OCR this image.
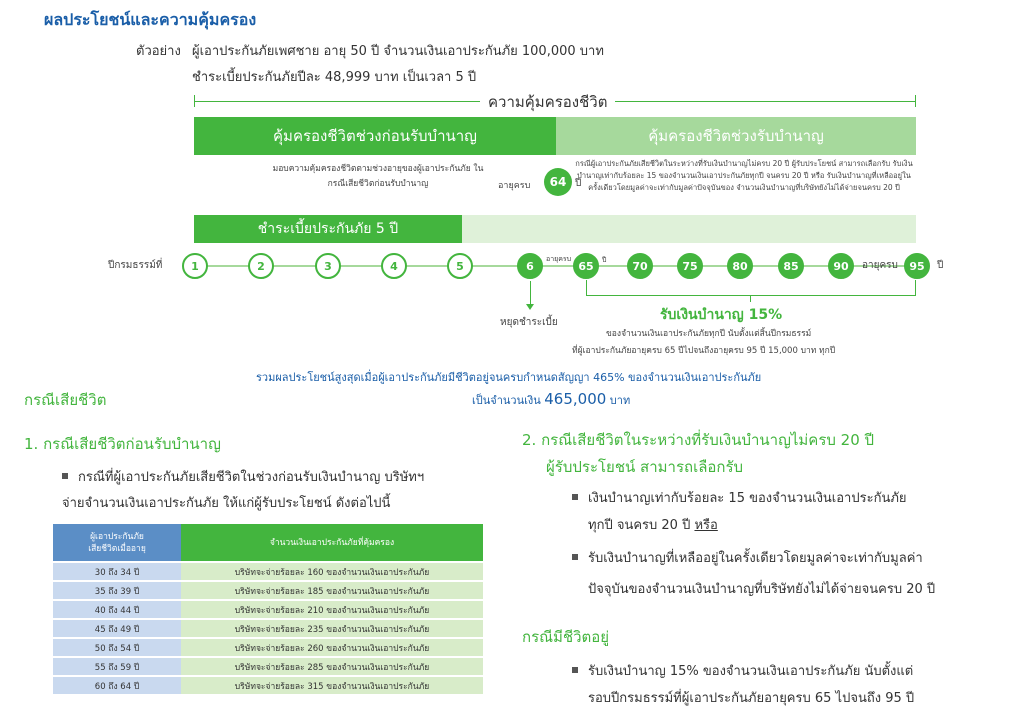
ผลประโยชน์และความคุ้มครอง
ตัวอย่าง ผู้เอาประกันภัยเพศชาย อายุ 50 ปี จำนวนเงินเอาประกันภัย 100,000 บาท
ชำระเบี้ยประกันภัยปีละ 48,999 บาท เป็นเวลา 5 ปี
ความคุ้มครองชีวิต
คุ้มครองชีวิตช่วงก่อนรับบำนาญ	คุ้มครองชีวิตช่วงรับบำนาญ
มอบความคุ้มครองชีวิตตามช่วงอายุของผู้เอาประกันภัย ในกรณีเสียชีวิตก่อนรับบำนาญ	อายุครบ	64 ปี
กรณีผู้เอาประกันภัยเสียชีวิตในระหว่างที่รับเงินบำนาญไม่ครบ 20 ปี ผู้รับประโยชน์ สามารถเลือกรับ รับเงินบำนาญเท่ากับร้อยละ 15 ของจำนวนเงินเอาประกันภัยทุกปี จนครบ 20 ปี หรือ รับเงินบำนาญที่เหลืออยู่ในครั้งเดียวโดยมูลค่าจะเท่ากับมูลค่าปัจจุบันของ จำนวนเงินบำนาญที่บริษัทยังไม่ได้จ่ายจนครบ 20 ปี
ชำระเบี้ยประกันภัย 5 ปี
ปีกรมธรรม์ที่	1	2	3	4	5	6
อายุครบ
65	ปี	70	75	80	85	90	อายุครบ	95	ปี
หยุดชำระเบี้ย	รับเงินบำนาญ 15%
ของจำนวนเงินเอาประกันภัยทุกปี นับตั้งแต่สิ้นปีกรมธรรม์
ที่ผู้เอาประกันภัยอายุครบ 65 ปีไปจนถึงอายุครบ 95 ปี 15,000 บาท ทุกปี
รวมผลประโยชน์สูงสุดเมื่อผู้เอาประกันภัยมีชีวิตอยู่จนครบกำหนดสัญญา 465% ของจำนวนเงินเอาประกันภัย
เป็นจำนวนเงิน 465,000 บาท
กรณีเสียชีวิต
1. กรณีเสียชีวิตก่อนรับบำนาญ
กรณีที่ผู้เอาประกันภัยเสียชีวิตในช่วงก่อนรับเงินบำนาญ บริษัทฯ
จ่ายจำนวนเงินเอาประกันภัย ให้แก่ผู้รับประโยชน์ ดังต่อไปนี้
ผู้เอาประกันภัย
เสียชีวิตเมื่ออายุ	จำนวนเงินเอาประกันภัยที่คุ้มครอง
30 ถึง 34 ปี	บริษัทจะจ่ายร้อยละ 160 ของจำนวนเงินเอาประกันภัย
35 ถึง 39 ปี	บริษัทจะจ่ายร้อยละ 185 ของจำนวนเงินเอาประกันภัย
40 ถึง 44 ปี	บริษัทจะจ่ายร้อยละ 210 ของจำนวนเงินเอาประกันภัย
45 ถึง 49 ปี	บริษัทจะจ่ายร้อยละ 235 ของจำนวนเงินเอาประกันภัย
50 ถึง 54 ปี	บริษัทจะจ่ายร้อยละ 260 ของจำนวนเงินเอาประกันภัย
55 ถึง 59 ปี	บริษัทจะจ่ายร้อยละ 285 ของจำนวนเงินเอาประกันภัย
60 ถึง 64 ปี	บริษัทจะจ่ายร้อยละ 315 ของจำนวนเงินเอาประกันภัย
2. กรณีเสียชีวิตในระหว่างที่รับเงินบำนาญไม่ครบ 20 ปี
ผู้รับประโยชน์ สามารถเลือกรับ
เงินบำนาญเท่ากับร้อยละ 15 ของจำนวนเงินเอาประกันภัย
ทุกปี จนครบ 20 ปี หรือ
รับเงินบำนาญที่เหลืออยู่ในครั้งเดียวโดยมูลค่าจะเท่ากับมูลค่า
ปัจจุบันของจำนวนเงินบำนาญที่บริษัทยังไม่ได้จ่ายจนครบ 20 ปี
กรณีมีชีวิตอยู่
รับเงินบำนาญ 15% ของจำนวนเงินเอาประกันภัย นับตั้งแต่
รอบปีกรมธรรม์ที่ผู้เอาประกันภัยอายุครบ 65 ไปจนถึง 95 ปี
